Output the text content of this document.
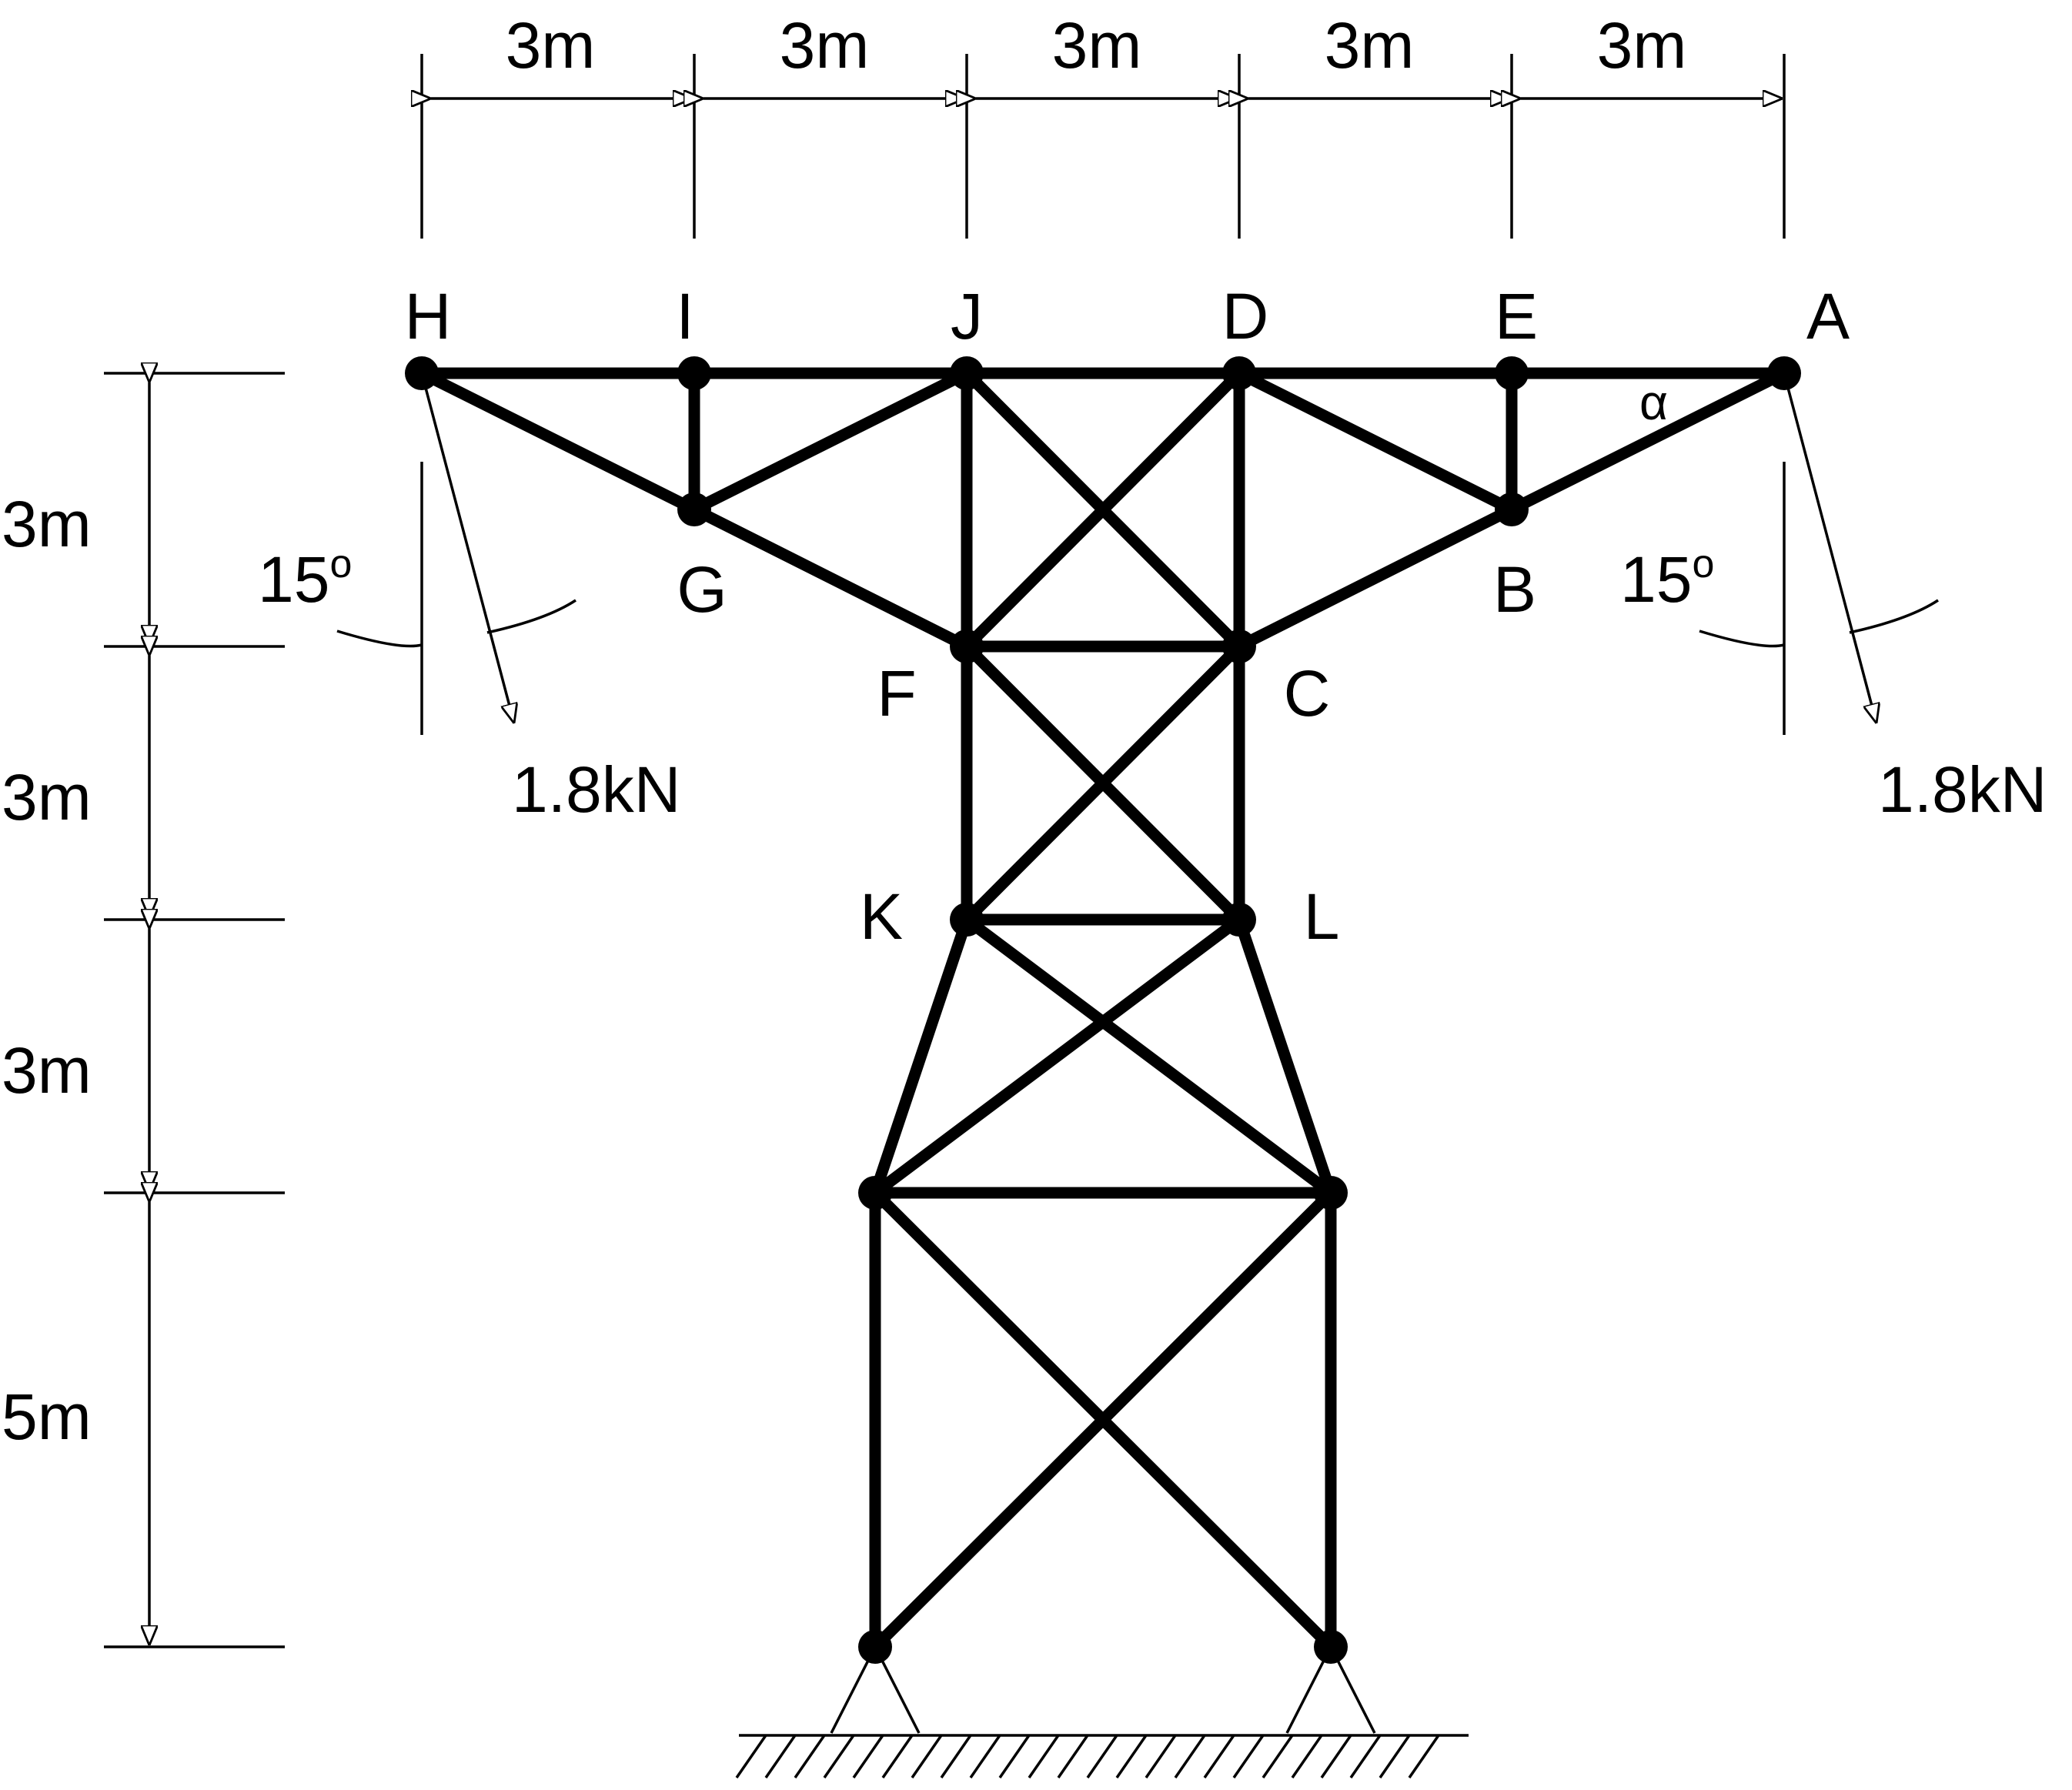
3m	3m	3m	3m	3m
3m
3m
3m
5m
15$^o$
1.8kN
15$^o$
1.8kN
H	I	J	D	E	A
G	B
F	C
K	L
α
